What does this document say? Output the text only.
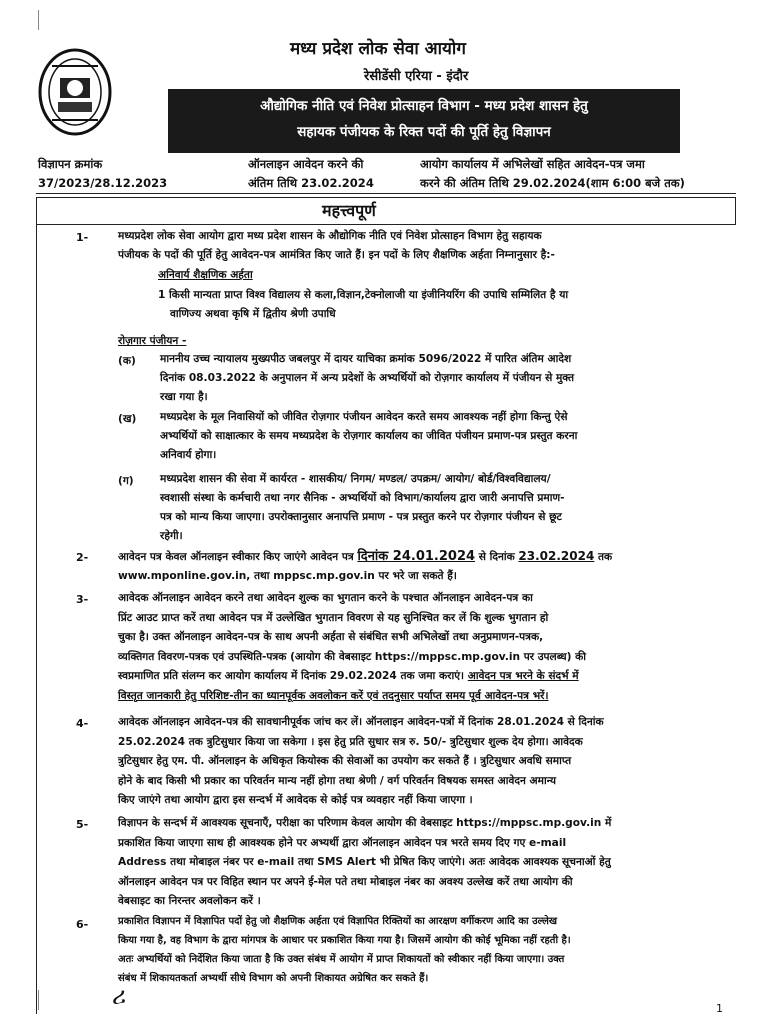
मध्य प्रदेश लोक सेवा आयोग
रेसीडेंसी एरिया - इंदौर
औद्योगिक नीति एवं निवेश प्रोत्साहन विभाग - मध्य प्रदेश शासन हेतु
सहायक पंजीयक के रिक्त पदों की पूर्ति हेतु विज्ञापन
विज्ञापन क्रमांक
37/2023/28.12.2023
ऑनलाइन आवेदन करने की
अंतिम तिथि 23.02.2024
आयोग कार्यालय में अभिलेखों सहित आवेदन-पत्र जमा
करने की अंतिम तिथि 29.02.2024(शाम 6:00 बजे तक)
महत्त्वपूर्ण
1-	मध्यप्रदेश लोक सेवा आयोग द्वारा मध्य प्रदेश शासन के औद्योगिक नीति एवं निवेश प्रोत्साहन विभाग हेतु सहायक
पंजीयक के पदों की पूर्ति हेतु आवेदन-पत्र आमंत्रित किए जाते हैं। इन पदों के लिए शैक्षणिक अर्हता निम्नानुसार है:-
अनिवार्य शैक्षणिक अर्हता
1 किसी मान्यता प्राप्त विश्व विद्यालय से कला,विज्ञान,टेक्नोलाजी या इंजीनियरिंग की उपाधि सम्मिलित है या
वाणिज्य अथवा कृषि में द्वितीय श्रेणी उपाधि
रोज़गार पंजीयन -
(क) माननीय उच्च न्यायालय मुख्यपीठ जबलपुर में दायर याचिका क्रमांक 5096/2022 में पारित अंतिम आदेश
दिनांक 08.03.2022 के अनुपालन में अन्य प्रदेशों के अभ्यर्थियों को रोज़गार कार्यालय में पंजीयन से मुक्त
रखा गया है।
(ख) मध्यप्रदेश के मूल निवासियों को जीवित रोज़गार पंजीयन आवेदन करते समय आवश्यक नहीं होगा किन्तु ऐसे
अभ्यर्थियों को साक्षात्कार के समय मध्यप्रदेश के रोज़गार कार्यालय का जीवित पंजीयन प्रमाण-पत्र प्रस्तुत करना
अनिवार्य होगा।
(ग) मध्यप्रदेश शासन की सेवा में कार्यरत - शासकीय/ निगम/ मण्डल/ उपक्रम/ आयोग/ बोर्ड/विश्वविद्यालय/
स्वशासी संस्था के कर्मचारी तथा नगर सैनिक - अभ्यर्थियों को विभाग/कार्यालय द्वारा जारी अनापत्ति प्रमाण-
पत्र को मान्य किया जाएगा। उपरोक्तानुसार अनापत्ति प्रमाण - पत्र प्रस्तुत करने पर रोज़गार पंजीयन से छूट
रहेगी।
2-	आवेदन पत्र केवल ऑनलाइन स्वीकार किए जाएंगे आवेदन पत्र दिनांक 24.01.2024 से दिनांक 23.02.2024 तक
www.mponline.gov.in, तथा mppsc.mp.gov.in पर भरे जा सकते हैं।
3-	आवेदक ऑनलाइन आवेदन करने तथा आवेदन शुल्क का भुगतान करने के पश्चात ऑनलाइन आवेदन-पत्र का
प्रिंट आउट प्राप्त करें तथा आवेदन पत्र में उल्लेखित भुगतान विवरण से यह सुनिश्चित कर लें कि शुल्क भुगतान हो
चुका है। उक्त ऑनलाइन आवेदन-पत्र के साथ अपनी अर्हता से संबंधित सभी अभिलेखों तथा अनुप्रमाणन-पत्रक,
व्यक्तिगत विवरण-पत्रक एवं उपस्थिति-पत्रक (आयोग की वेबसाइट https://mppsc.mp.gov.in पर उपलब्ध) की
स्वप्रमाणित प्रति संलग्न कर आयोग कार्यालय में दिनांक 29.02.2024 तक जमा कराएं। आवेदन पत्र भरने के संदर्भ में
विस्तृत जानकारी हेतु परिशिष्ट-तीन का ध्यानपूर्वक अवलोकन करें एवं तदनुसार पर्याप्त समय पूर्व आवेदन-पत्र भरें।
4-	आवेदक ऑनलाइन आवेदन-पत्र की सावधानीपूर्वक जांच कर लें। ऑनलाइन आवेदन-पत्रों में दिनांक 28.01.2024 से दिनांक
25.02.2024 तक त्रुटिसुधार किया जा सकेगा । इस हेतु प्रति सुधार सत्र रु. 50/- त्रुटिसुधार शुल्क देय होगा। आवेदक
त्रुटिसुधार हेतु एम. पी. ऑनलाइन के अधिकृत कियोस्क की सेवाओं का उपयोग कर सकते हैं । त्रुटिसुधार अवधि समाप्त
होने के बाद किसी भी प्रकार का परिवर्तन मान्य नहीं होगा तथा श्रेणी / वर्ग परिवर्तन विषयक समस्त आवेदन अमान्य
किए जाएंगे तथा आयोग द्वारा इस सन्दर्भ में आवेदक से कोई पत्र व्यवहार नहीं किया जाएगा ।
5-	विज्ञापन के सन्दर्भ में आवश्यक सूचनाएँ, परीक्षा का परिणाम केवल आयोग की वेबसाइट https://mppsc.mp.gov.in में
प्रकाशित किया जाएगा साथ ही आवश्यक होने पर अभ्यर्थी द्वारा ऑनलाइन आवेदन पत्र भरते समय दिए गए e-mail
Address तथा मोबाइल नंबर पर e-mail तथा SMS Alert भी प्रेषित किए जाएंगे। अतः आवेदक आवश्यक सूचनाओं हेतु
ऑनलाइन आवेदन पत्र पर विहित स्थान पर अपने ई-मेल पते तथा मोबाइल नंबर का अवश्य उल्लेख करें तथा आयोग की
वेबसाइट का निरन्तर अवलोकन करें ।
6-	प्रकाशित विज्ञापन में विज्ञापित पदों हेतु जो शैक्षणिक अर्हता एवं विज्ञापित रिक्तियों का आरक्षण वर्गीकरण आदि का उल्लेख
किया गया है, वह विभाग के द्वारा मांगपत्र के आधार पर प्रकाशित किया गया है। जिसमें आयोग की कोई भूमिका नहीं रहती है।
अतः अभ्यर्थियों को निर्देशित किया जाता है कि उक्त संबंध में आयोग में प्राप्त शिकायतों को स्वीकार नहीं किया जाएगा। उक्त
संबंध में शिकायतकर्ता अभ्यर्थी सीधे विभाग को अपनी शिकायत अग्रेषित कर सकते हैं।
ሪ	1
